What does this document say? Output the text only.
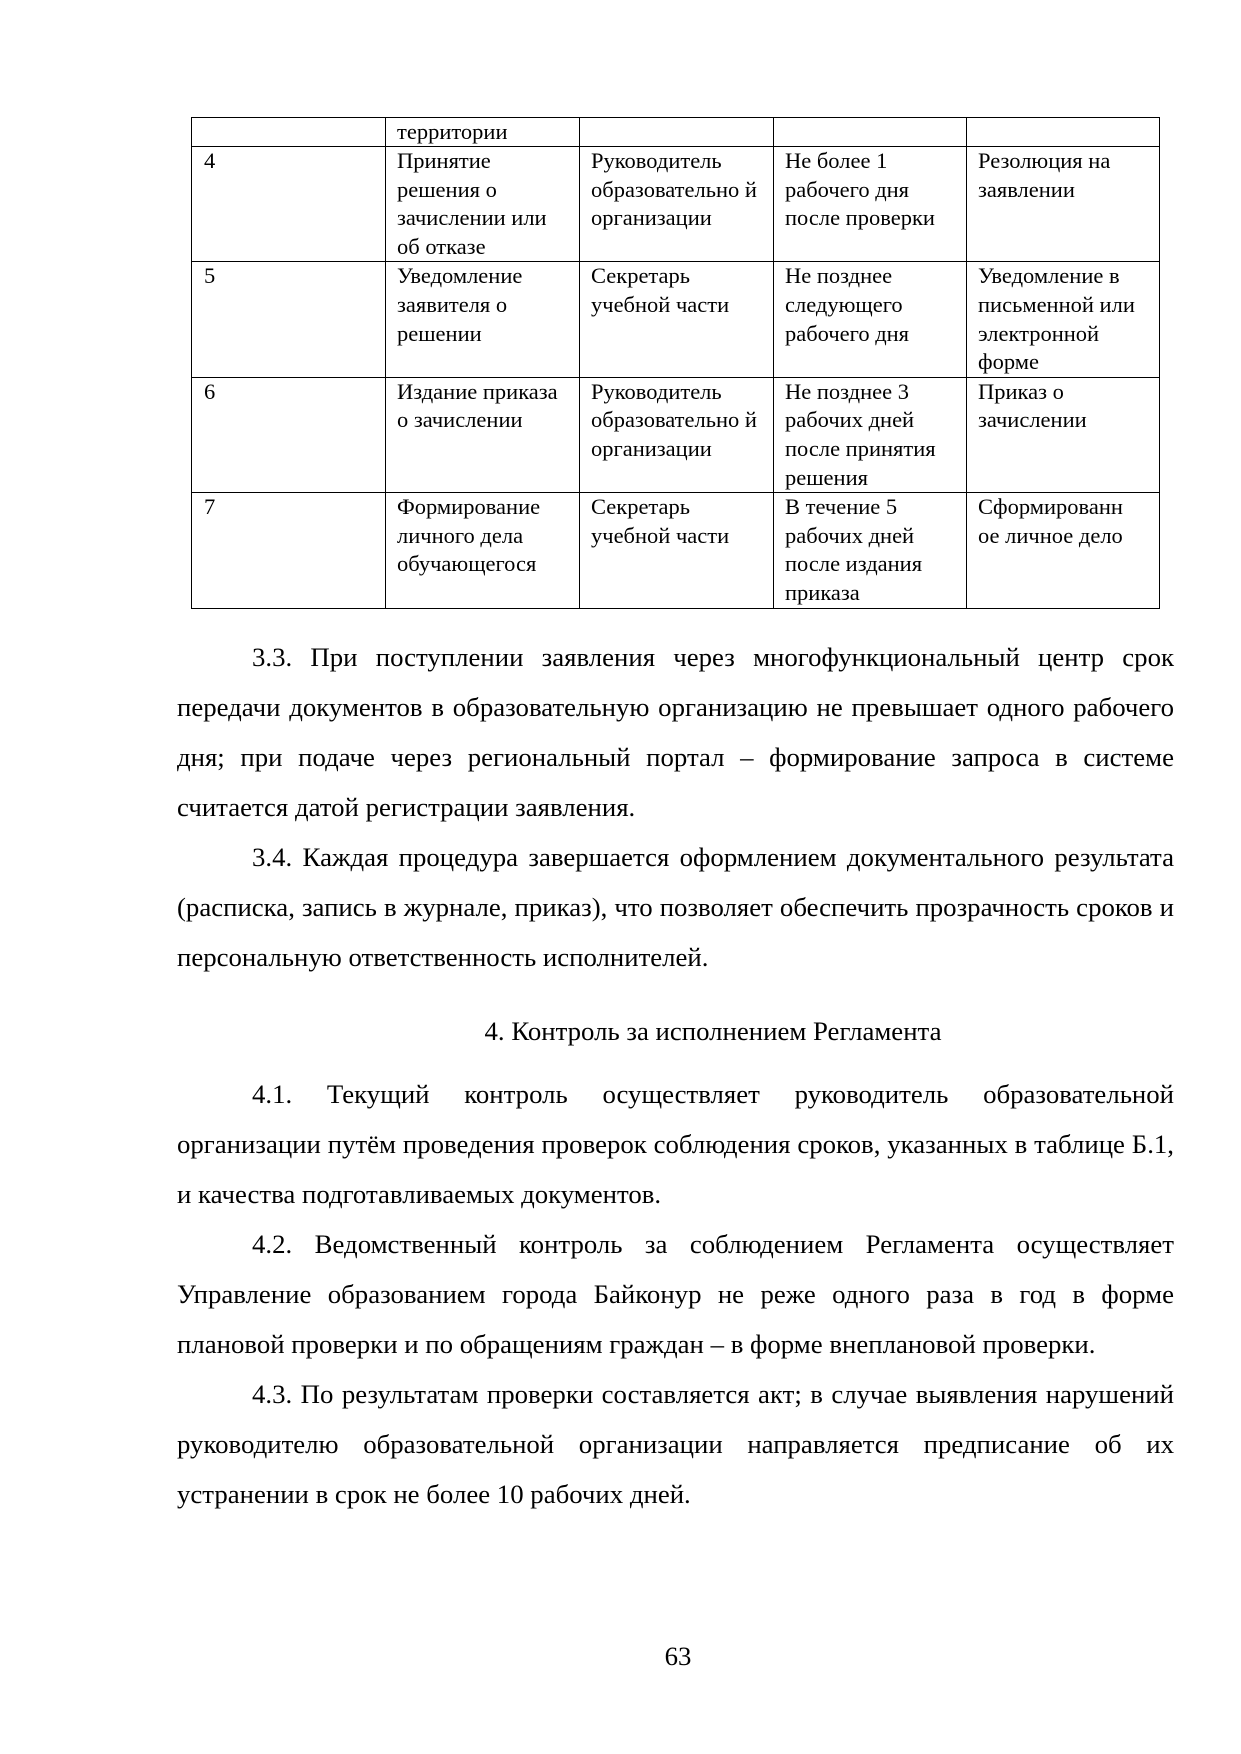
	территории			
4	Принятие решения о зачислении или об отказе	Руководитель образовательно й организации	Не более 1 рабочего дня после проверки	Резолюция на заявлении
5	Уведомление заявителя о решении	Секретарь учебной части	Не позднее следующего рабочего дня	Уведомление в письменной или электронной форме
6	Издание приказа о зачислении	Руководитель образовательно й организации	Не позднее 3 рабочих дней после принятия решения	Приказ о зачислении
7	Формирование личного дела обучающегося	Секретарь учебной части	В течение 5 рабочих дней после издания приказа	Сформированн ое личное дело

3.3. При поступлении заявления через многофункциональный центр срок передачи документов в образовательную организацию не превышает одного рабочего дня; при подаче через региональный портал – формирование запроса в системе считается датой регистрации заявления.

3.4. Каждая процедура завершается оформлением документального результата (расписка, запись в журнале, приказ), что позволяет обеспечить прозрачность сроков и персональную ответственность исполнителей.

4. Контроль за исполнением Регламента

4.1. Текущий контроль осуществляет руководитель образовательной организации путём проведения проверок соблюдения сроков, указанных в таблице Б.1, и качества подготавливаемых документов.

4.2. Ведомственный контроль за соблюдением Регламента осуществляет Управление образованием города Байконур не реже одного раза в год в форме плановой проверки и по обращениям граждан – в форме внеплановой проверки.

4.3. По результатам проверки составляется акт; в случае выявления нарушений руководителю образовательной организации направляется предписание об их устранении в срок не более 10 рабочих дней.

63
